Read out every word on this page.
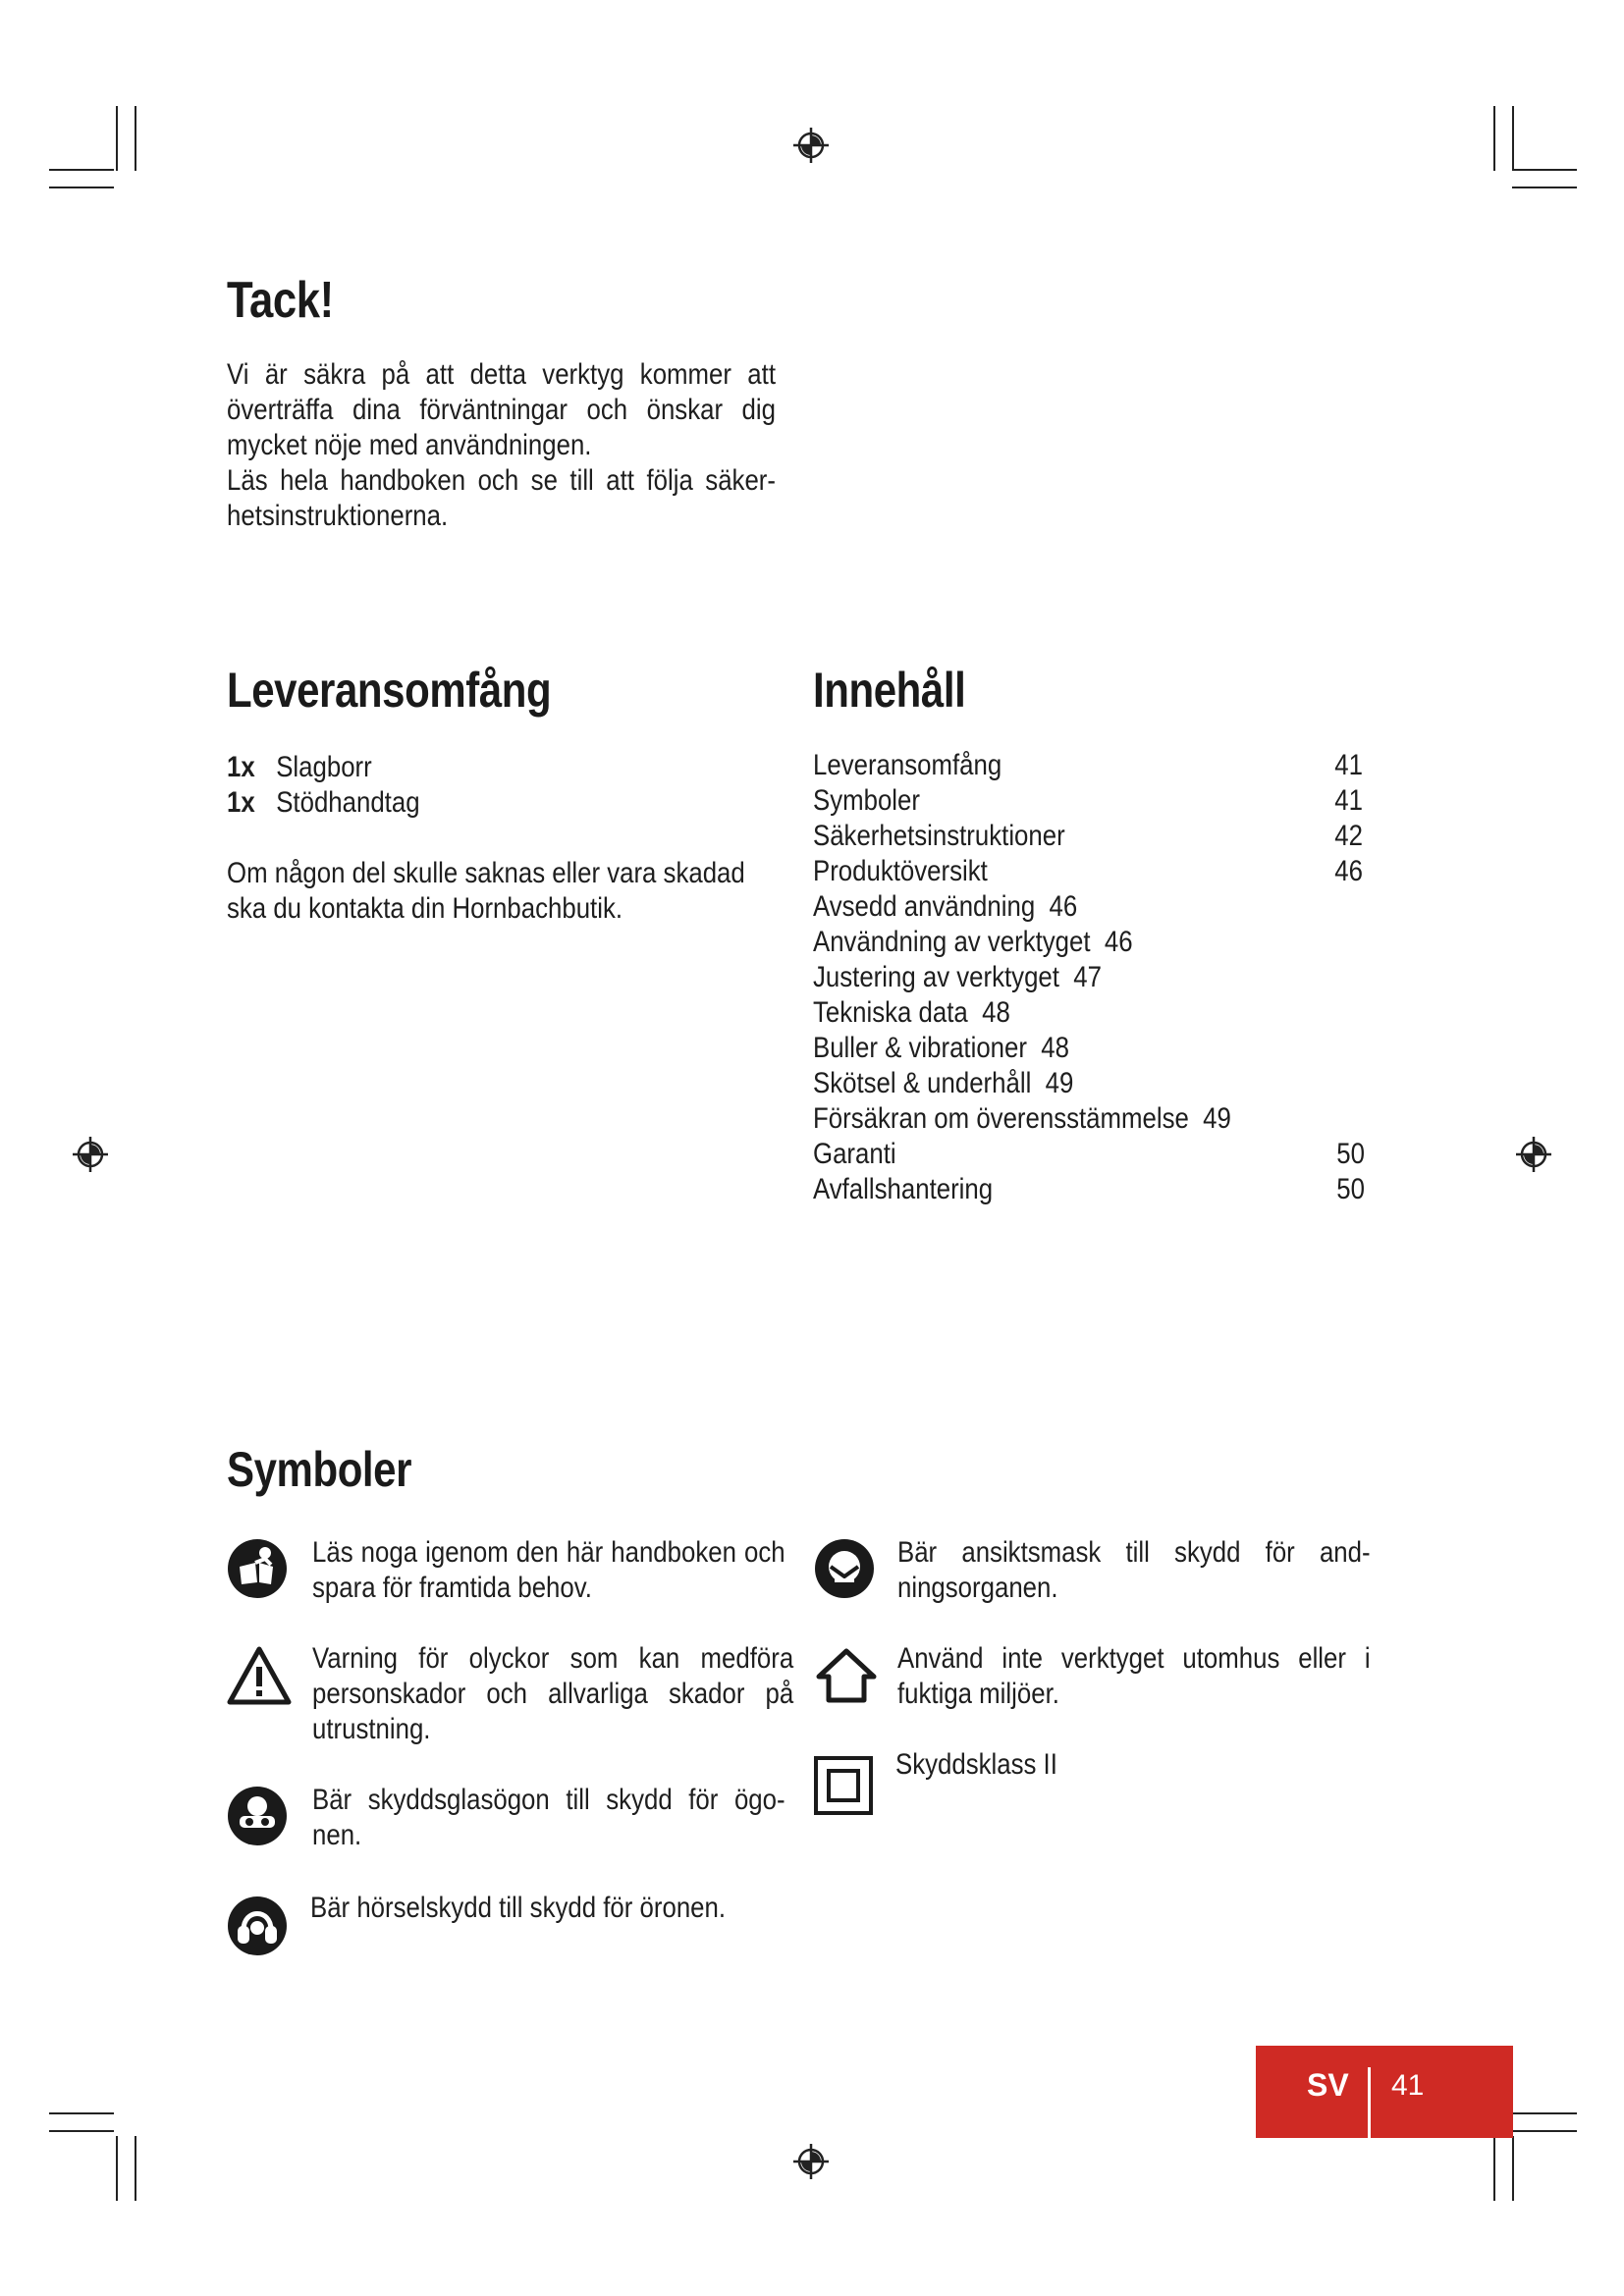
Tack!
Vi är säkra på att detta verktyg kommer att överträffa dina förväntningar och önskar dig mycket nöje med användningen.
Läs hela handboken och se till att följa säker-hetsinstruktionerna.
Leveransomfång
1x Slagborr
1x Stödhandtag
Om någon del skulle saknas eller vara skadad ska du kontakta din Hornbachbutik.
Innehåll
Leveransomfång	41
Symboler	41
Säkerhetsinstruktioner	42
Produktöversikt	46
Avsedd användning 46
Användning av verktyget 46
Justering av verktyget 47
Tekniska data 48
Buller & vibrationer 48
Skötsel & underhåll 49
Försäkran om överensstämmelse 49
Garanti	50
Avfallshantering	50
Symboler
Läs noga igenom den här handboken och spara för framtida behov.
Varning för olyckor som kan medföra personskador och allvarliga skador på utrustning.
Bär skyddsglasögon till skydd för ögo-nen.
Bär hörselskydd till skydd för öronen.
Bär ansiktsmask till skydd för and-ningsorganen.
Använd inte verktyget utomhus eller i fuktiga miljöer.
Skyddsklass II
SV 41
